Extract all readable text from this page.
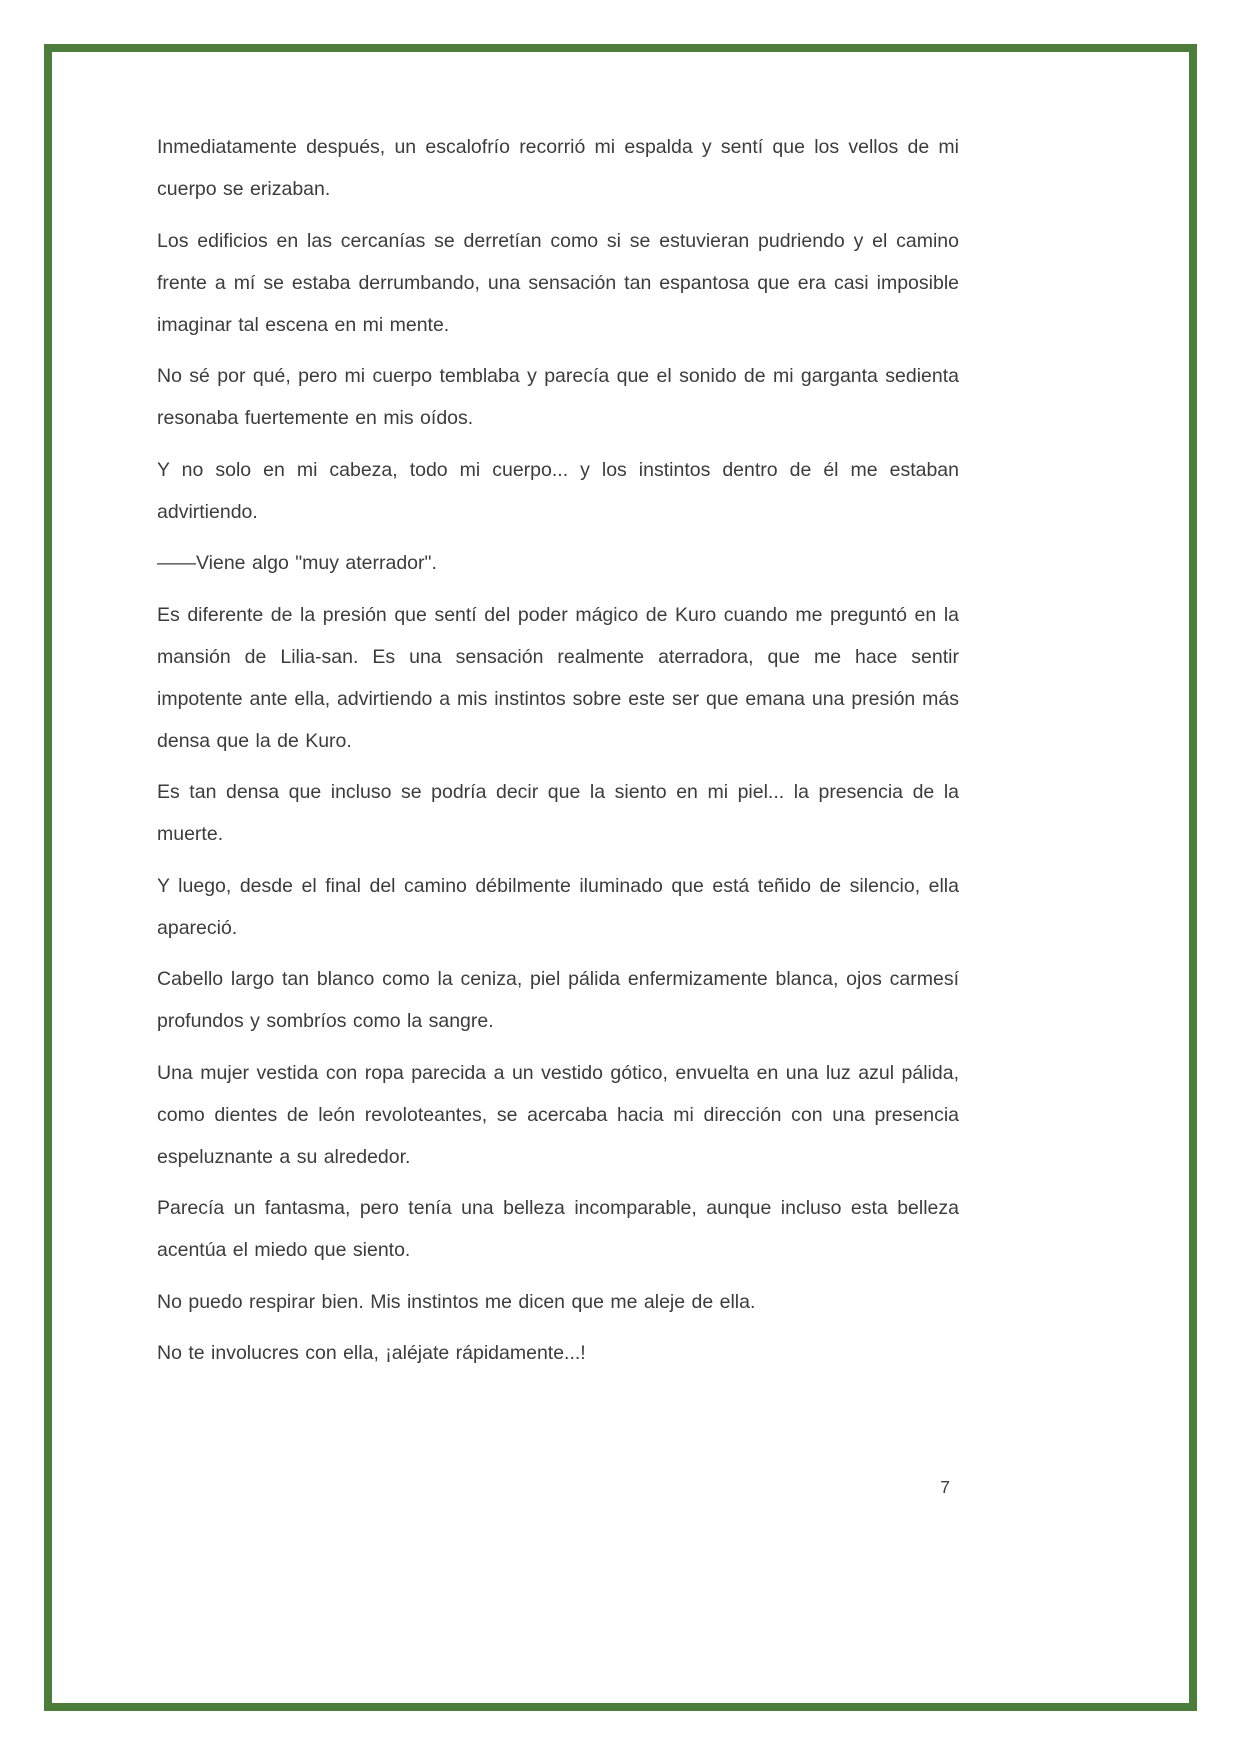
Inmediatamente después, un escalofrío recorrió mi espalda y sentí que los vellos de mi cuerpo se erizaban.

Los edificios en las cercanías se derretían como si se estuvieran pudriendo y el camino frente a mí se estaba derrumbando, una sensación tan espantosa que era casi imposible imaginar tal escena en mi mente.

No sé por qué, pero mi cuerpo temblaba y parecía que el sonido de mi garganta sedienta resonaba fuertemente en mis oídos.

Y no solo en mi cabeza, todo mi cuerpo... y los instintos dentro de él me estaban advirtiendo.

——Viene algo "muy aterrador".

Es diferente de la presión que sentí del poder mágico de Kuro cuando me preguntó en la mansión de Lilia-san. Es una sensación realmente aterradora, que me hace sentir impotente ante ella, advirtiendo a mis instintos sobre este ser que emana una presión más densa que la de Kuro.

Es tan densa que incluso se podría decir que la siento en mi piel... la presencia de la muerte.

Y luego, desde el final del camino débilmente iluminado que está teñido de silencio, ella apareció.

Cabello largo tan blanco como la ceniza, piel pálida enfermizamente blanca, ojos carmesí profundos y sombríos como la sangre.

Una mujer vestida con ropa parecida a un vestido gótico, envuelta en una luz azul pálida, como dientes de león revoloteantes, se acercaba hacia mi dirección con una presencia espeluznante a su alrededor.

Parecía un fantasma, pero tenía una belleza incomparable, aunque incluso esta belleza acentúa el miedo que siento.

No puedo respirar bien. Mis instintos me dicen que me aleje de ella.

No te involucres con ella, ¡aléjate rápidamente...!

7
